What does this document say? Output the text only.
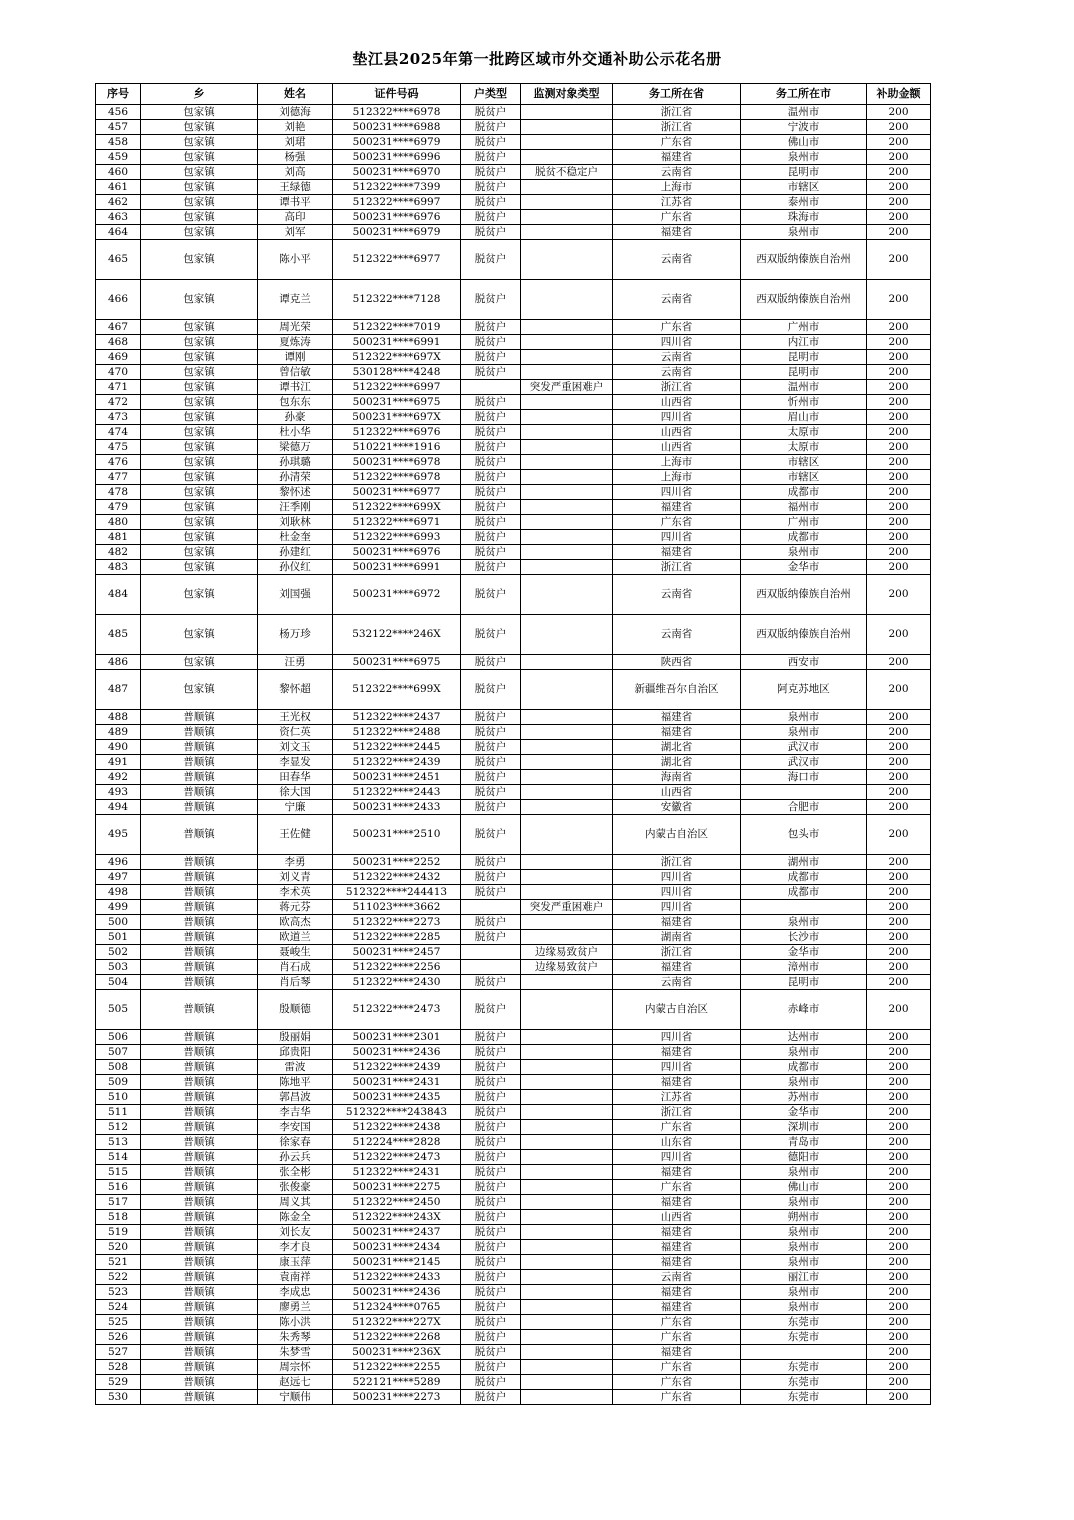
垫江县2025年第一批跨区域市外交通补助公示花名册
序号	乡	姓名	证件号码	户类型	监测对象类型	务工所在省	务工所在市	补助金额
456	包家镇	刘德海	512322****6978	脱贫户		浙江省	温州市	200
457	包家镇	刘艳	500231****6988	脱贫户		浙江省	宁波市	200
458	包家镇	刘珺	500231****6979	脱贫户		广东省	佛山市	200
459	包家镇	杨强	500231****6996	脱贫户		福建省	泉州市	200
460	包家镇	刘高	500231****6970	脱贫户	脱贫不稳定户	云南省	昆明市	200
461	包家镇	王绿德	512322****7399	脱贫户		上海市	市辖区	200
462	包家镇	谭书平	512322****6997	脱贫户		江苏省	泰州市	200
463	包家镇	高印	500231****6976	脱贫户		广东省	珠海市	200
464	包家镇	刘军	500231****6979	脱贫户		福建省	泉州市	200
465	包家镇	陈小平	512322****6977	脱贫户		云南省	西双版纳傣族自治州	200
466	包家镇	谭克兰	512322****7128	脱贫户		云南省	西双版纳傣族自治州	200
467	包家镇	周光荣	512322****7019	脱贫户		广东省	广州市	200
468	包家镇	夏炼涛	500231****6991	脱贫户		四川省	内江市	200
469	包家镇	谭刚	512322****697X	脱贫户		云南省	昆明市	200
470	包家镇	曾信敏	530128****4248	脱贫户		云南省	昆明市	200
471	包家镇	谭书江	512322****6997		突发严重困难户	浙江省	温州市	200
472	包家镇	包东东	500231****6975	脱贫户		山西省	忻州市	200
473	包家镇	孙豪	500231****697X	脱贫户		四川省	眉山市	200
474	包家镇	杜小华	512322****6976	脱贫户		山西省	太原市	200
475	包家镇	梁德万	510221****1916	脱贫户		山西省	太原市	200
476	包家镇	孙琪璐	500231****6978	脱贫户		上海市	市辖区	200
477	包家镇	孙清荣	512322****6978	脱贫户		上海市	市辖区	200
478	包家镇	黎怀述	500231****6977	脱贫户		四川省	成都市	200
479	包家镇	汪季刚	512322****699X	脱贫户		福建省	福州市	200
480	包家镇	刘耿林	512322****6971	脱贫户		广东省	广州市	200
481	包家镇	杜金奎	512322****6993	脱贫户		四川省	成都市	200
482	包家镇	孙建红	500231****6976	脱贫户		福建省	泉州市	200
483	包家镇	孙仪红	500231****6991	脱贫户		浙江省	金华市	200
484	包家镇	刘国强	500231****6972	脱贫户		云南省	西双版纳傣族自治州	200
485	包家镇	杨万珍	532122****246X	脱贫户		云南省	西双版纳傣族自治州	200
486	包家镇	汪勇	500231****6975	脱贫户		陕西省	西安市	200
487	包家镇	黎怀超	512322****699X	脱贫户		新疆维吾尔自治区	阿克苏地区	200
488	普顺镇	王光权	512322****2437	脱贫户		福建省	泉州市	200
489	普顺镇	资仁英	512322****2488	脱贫户		福建省	泉州市	200
490	普顺镇	刘文玉	512322****2445	脱贫户		湖北省	武汉市	200
491	普顺镇	李显发	512322****2439	脱贫户		湖北省	武汉市	200
492	普顺镇	田春华	500231****2451	脱贫户		海南省	海口市	200
493	普顺镇	徐大国	512322****2443	脱贫户		山西省		200
494	普顺镇	宁廉	500231****2433	脱贫户		安徽省	合肥市	200
495	普顺镇	王佐健	500231****2510	脱贫户		内蒙古自治区	包头市	200
496	普顺镇	李勇	500231****2252	脱贫户		浙江省	湖州市	200
497	普顺镇	刘义青	512322****2432	脱贫户		四川省	成都市	200
498	普顺镇	李术英	512322****244413	脱贫户		四川省	成都市	200
499	普顺镇	蒋元芬	511023****3662		突发严重困难户	四川省		200
500	普顺镇	欧高杰	512322****2273	脱贫户		福建省	泉州市	200
501	普顺镇	欧道兰	512322****2285	脱贫户		湖南省	长沙市	200
502	普顺镇	聂峻生	500231****2457		边缘易致贫户	浙江省	金华市	200
503	普顺镇	肖石成	512322****2256		边缘易致贫户	福建省	漳州市	200
504	普顺镇	肖后琴	512322****2430	脱贫户		云南省	昆明市	200
505	普顺镇	殷顺德	512322****2473	脱贫户		内蒙古自治区	赤峰市	200
506	普顺镇	殷丽娟	500231****2301	脱贫户		四川省	达州市	200
507	普顺镇	邱贵阳	500231****2436	脱贫户		福建省	泉州市	200
508	普顺镇	雷波	512322****2439	脱贫户		四川省	成都市	200
509	普顺镇	陈地平	500231****2431	脱贫户		福建省	泉州市	200
510	普顺镇	郭昌波	500231****2435	脱贫户		江苏省	苏州市	200
511	普顺镇	李吉华	512322****243843	脱贫户		浙江省	金华市	200
512	普顺镇	李安国	512322****2438	脱贫户		广东省	深圳市	200
513	普顺镇	徐家春	512224****2828	脱贫户		山东省	青岛市	200
514	普顺镇	孙云兵	512322****2473	脱贫户		四川省	德阳市	200
515	普顺镇	张全彬	512322****2431	脱贫户		福建省	泉州市	200
516	普顺镇	张俊豪	500231****2275	脱贫户		广东省	佛山市	200
517	普顺镇	周义其	512322****2450	脱贫户		福建省	泉州市	200
518	普顺镇	陈金全	512322****243X	脱贫户		山西省	朔州市	200
519	普顺镇	刘长友	500231****2437	脱贫户		福建省	泉州市	200
520	普顺镇	李才良	500231****2434	脱贫户		福建省	泉州市	200
521	普顺镇	康玉萍	500231****2145	脱贫户		福建省	泉州市	200
522	普顺镇	袁南祥	512322****2433	脱贫户		云南省	丽江市	200
523	普顺镇	李成忠	500231****2436	脱贫户		福建省	泉州市	200
524	普顺镇	廖勇兰	512324****0765	脱贫户		福建省	泉州市	200
525	普顺镇	陈小洪	512322****227X	脱贫户		广东省	东莞市	200
526	普顺镇	朱秀琴	512322****2268	脱贫户		广东省	东莞市	200
527	普顺镇	朱梦雪	500231****236X	脱贫户		福建省		200
528	普顺镇	周宗怀	512322****2255	脱贫户		广东省	东莞市	200
529	普顺镇	赵远七	522121****5289	脱贫户		广东省	东莞市	200
530	普顺镇	宁顺伟	500231****2273	脱贫户		广东省	东莞市	200
